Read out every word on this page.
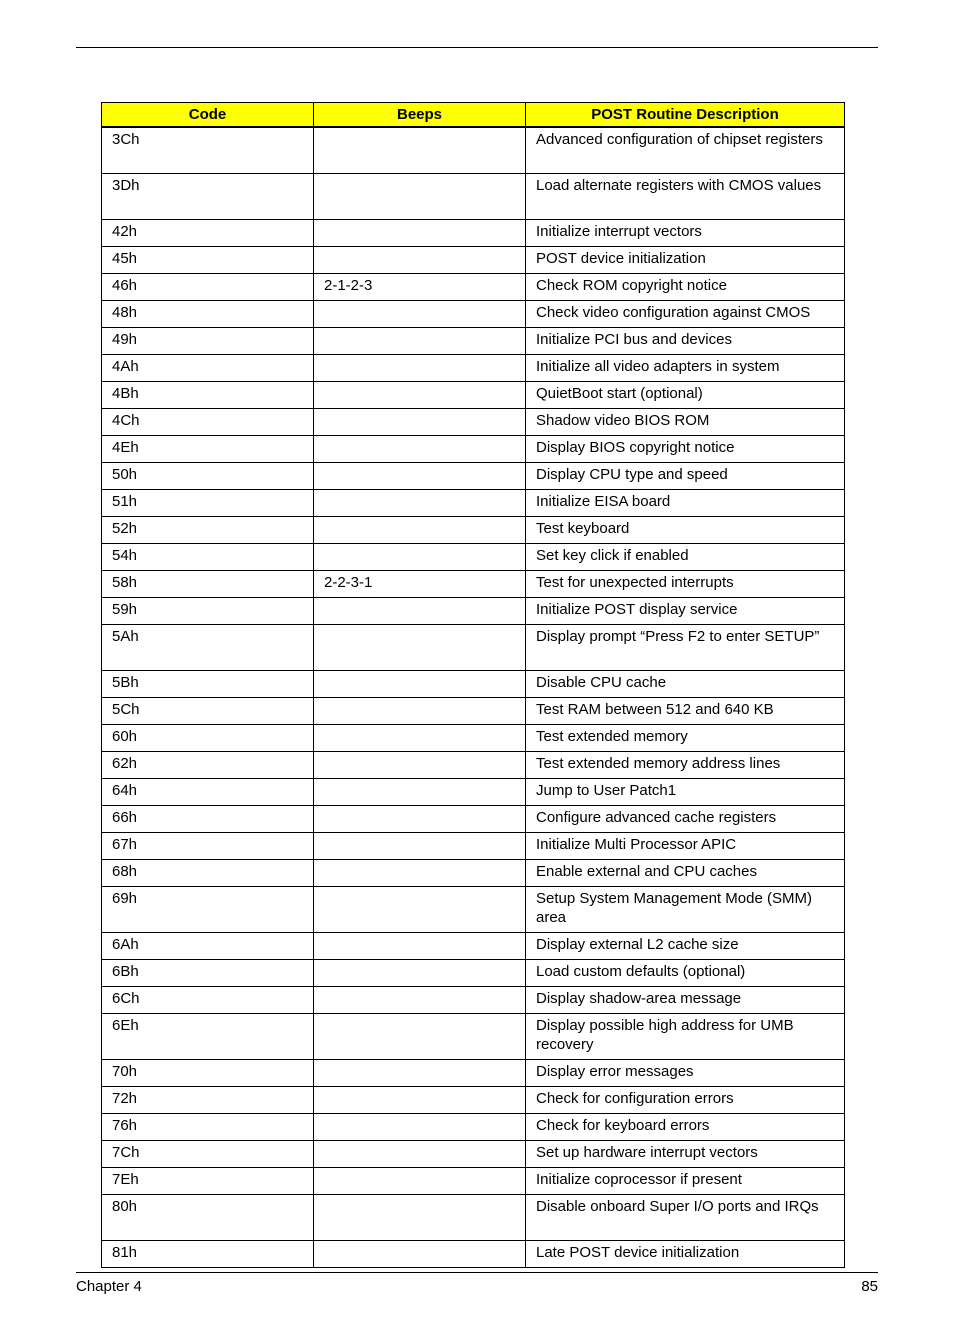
Code	Beeps	POST Routine Description
3Ch		Advanced configuration of chipset registers
3Dh		Load alternate registers with CMOS values
42h		Initialize interrupt vectors
45h		POST device initialization
46h	2-1-2-3	Check ROM copyright notice
48h		Check video configuration against CMOS
49h		Initialize PCI bus and devices
4Ah		Initialize all video adapters in system
4Bh		QuietBoot start (optional)
4Ch		Shadow video BIOS ROM
4Eh		Display BIOS copyright notice
50h		Display CPU type and speed
51h		Initialize EISA board
52h		Test keyboard
54h		Set key click if enabled
58h	2-2-3-1	Test for unexpected interrupts
59h		Initialize POST display service
5Ah		Display prompt “Press F2 to enter SETUP”
5Bh		Disable CPU cache
5Ch		Test RAM between 512 and 640 KB
60h		Test extended memory
62h		Test extended memory address lines
64h		Jump to User Patch1
66h		Configure advanced cache registers
67h		Initialize Multi Processor APIC
68h		Enable external and CPU caches
69h		Setup System Management Mode (SMM) area
6Ah		Display external L2 cache size
6Bh		Load custom defaults (optional)
6Ch		Display shadow-area message
6Eh		Display possible high address for UMB recovery
70h		Display error messages
72h		Check for configuration errors
76h		Check for keyboard errors
7Ch		Set up hardware interrupt vectors
7Eh		Initialize coprocessor if present
80h		Disable onboard Super I/O ports and IRQs
81h		Late POST device initialization
Chapter 4	85
